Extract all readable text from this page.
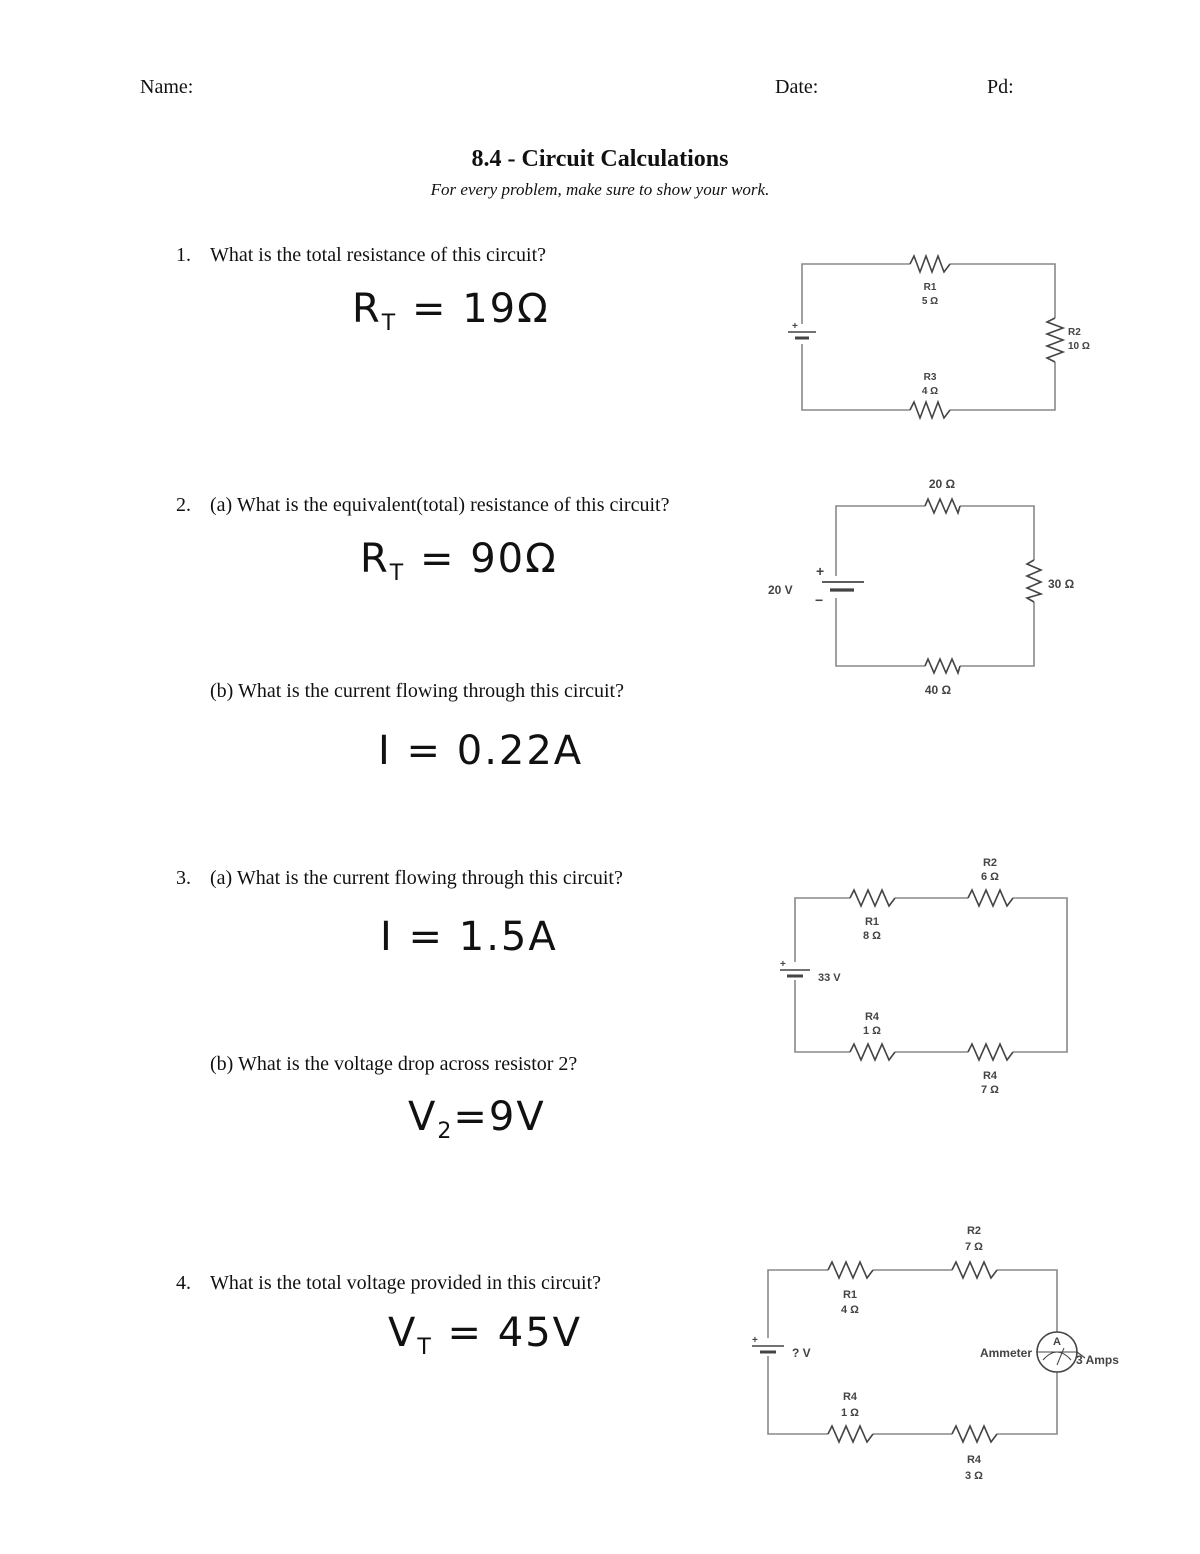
Name:	Date:	Pd:
8.4 - Circuit Calculations
For every problem, make sure to show your work.
1. What is the total resistance of this circuit?
$R_T = 19\Omega$	+
R1
5 Ω
R2
10 Ω
R3
4 Ω
2. (a) What is the equivalent(total) resistance of this circuit?
$R_T = 90\Omega$
(b) What is the current flowing through this circuit?
I = 0.22A
+
−
20 V
20 Ω
30 Ω
40 Ω
3. (a) What is the current flowing through this circuit?
I = 1.5A
(b) What is the voltage drop across resistor 2?
$V_2=9V$
+
33 V
R2
6 Ω
R1
8 Ω
R4
1 Ω
R4
7 Ω
4. What is the total voltage provided in this circuit?
$V_T = 45V$	+
? V
R2
7 Ω
R1
4 Ω
A
Ammeter	3 Amps
R4
1 Ω
R4
3 Ω
